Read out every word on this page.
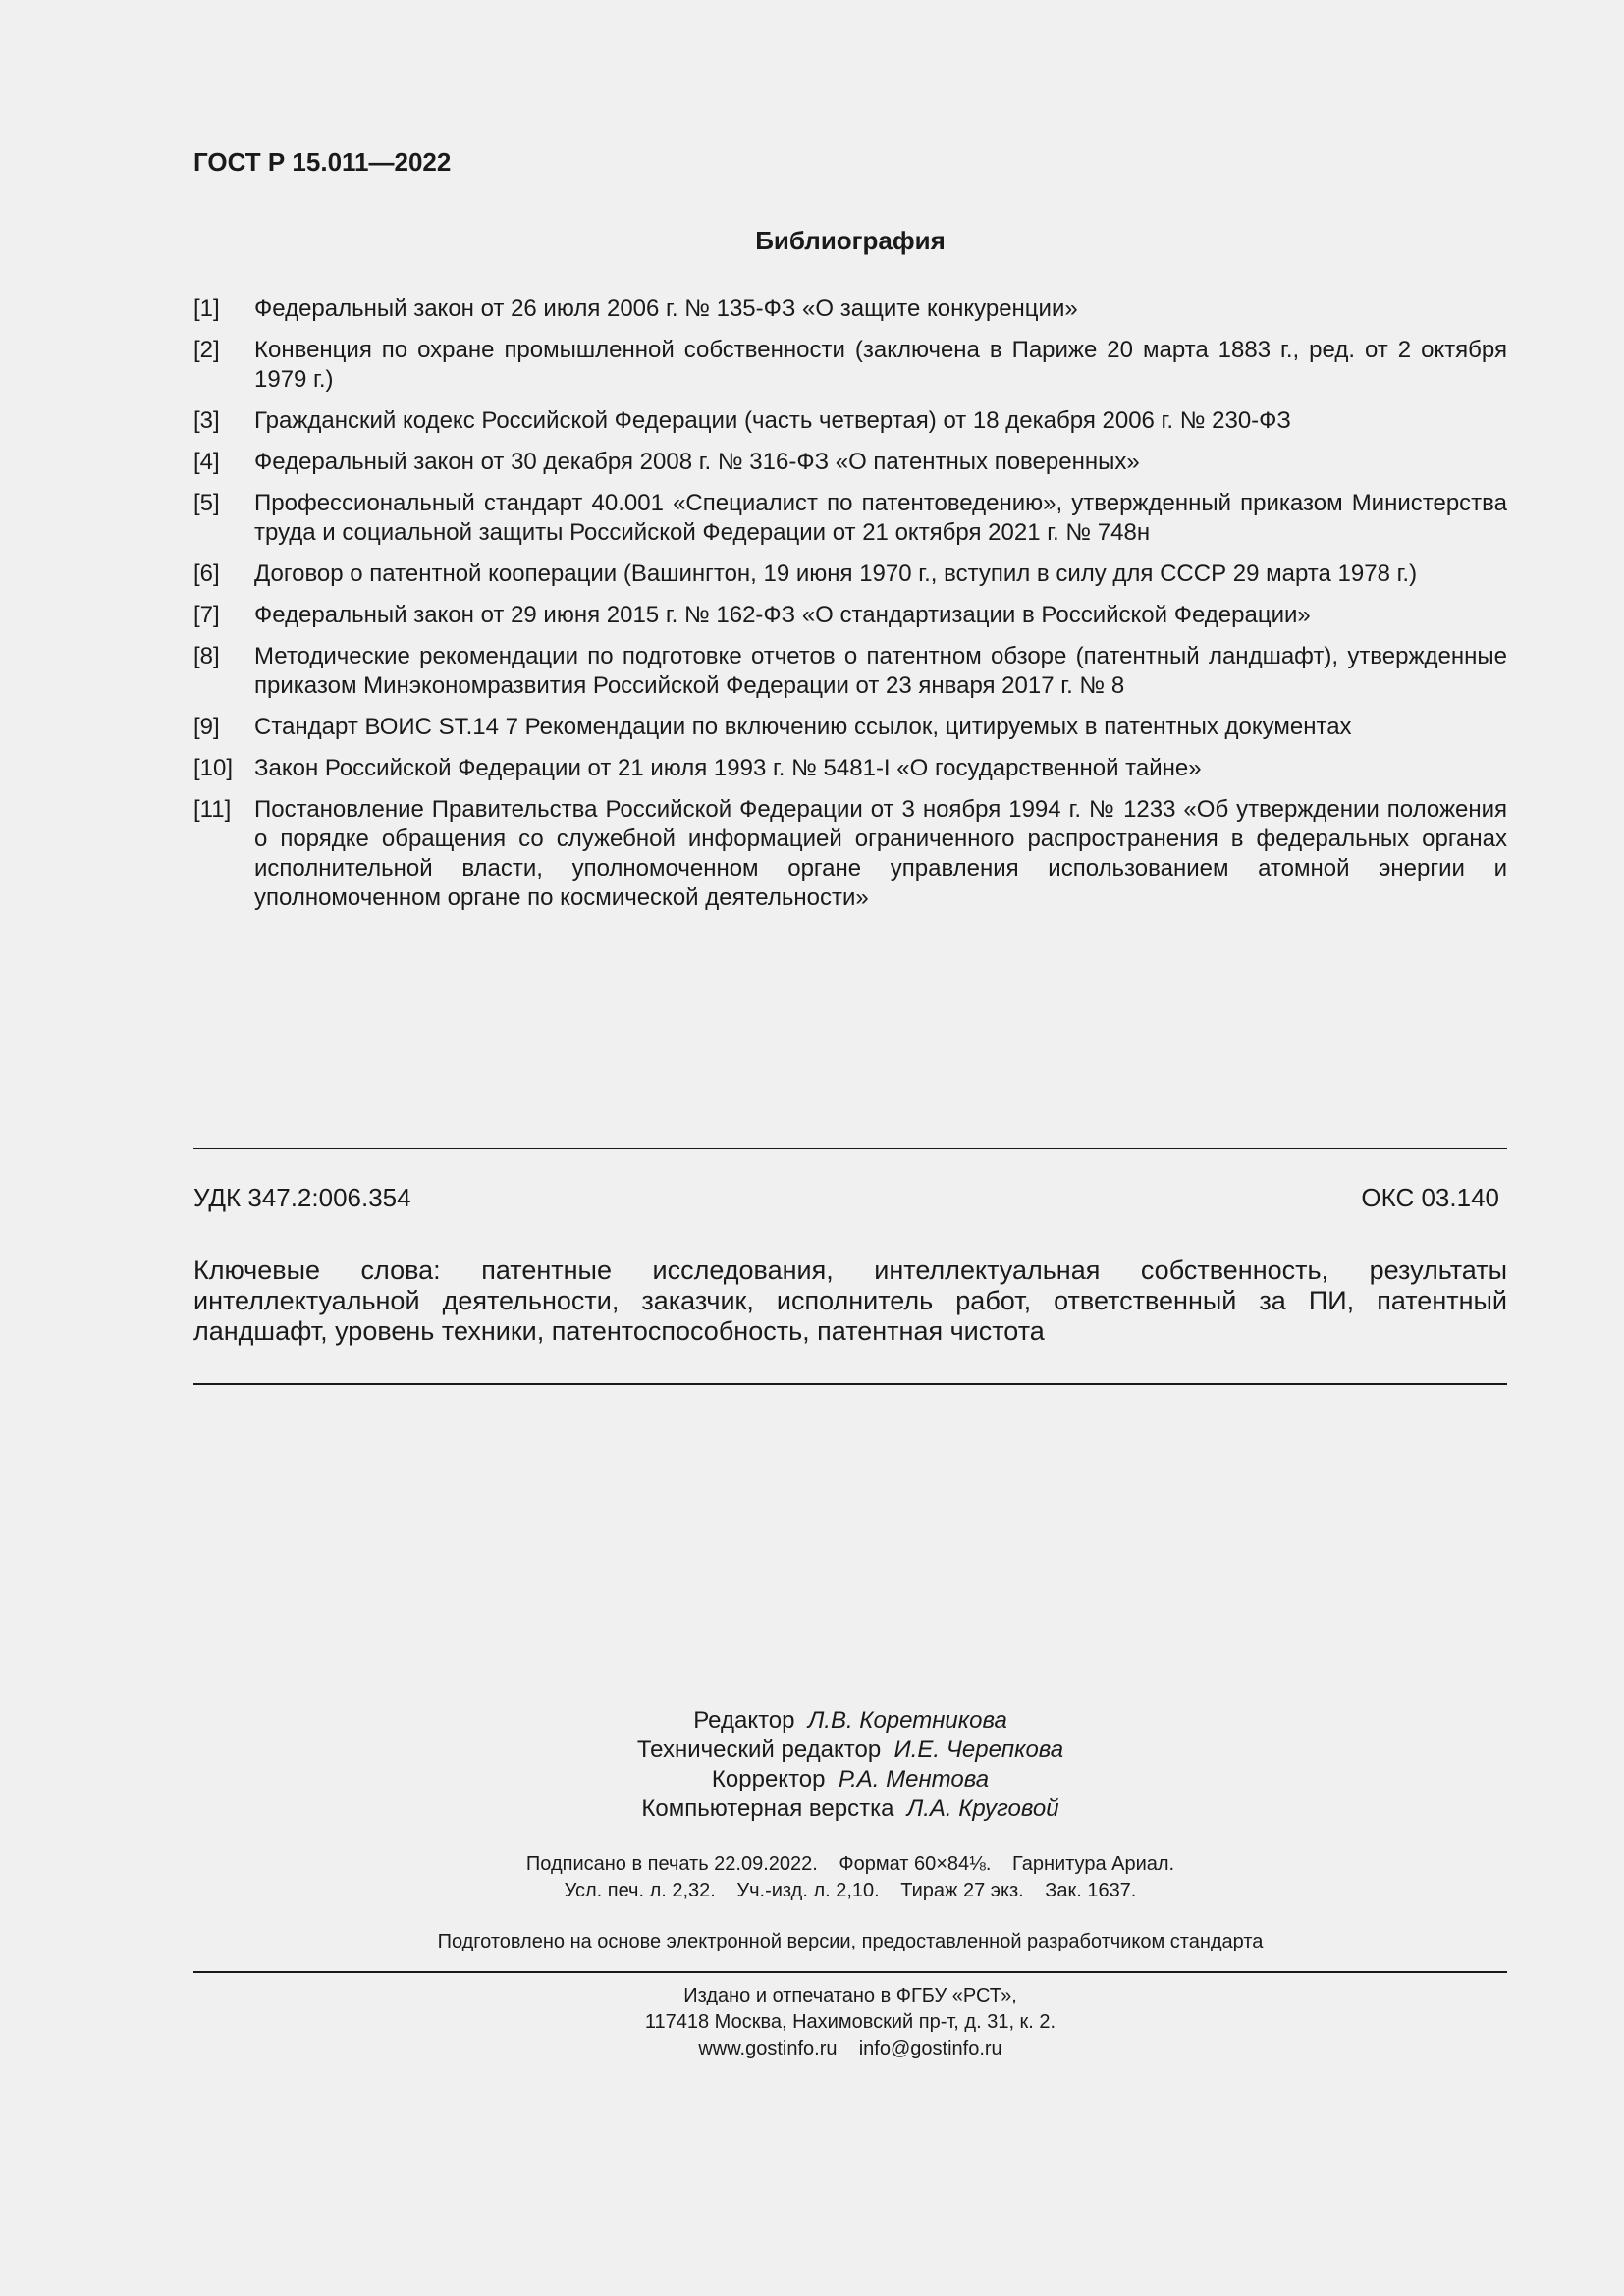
ГОСТ Р 15.011—2022
Библиография
[1]	Федеральный закон от 26 июля 2006 г. № 135-ФЗ «О защите конкуренции»
[2]	Конвенция по охране промышленной собственности (заключена в Париже 20 марта 1883 г., ред. от 2 октября 1979 г.)
[3]	Гражданский кодекс Российской Федерации (часть четвертая) от 18 декабря 2006 г. № 230-ФЗ
[4]	Федеральный закон от 30 декабря 2008 г. № 316-ФЗ «О патентных поверенных»
[5]	Профессиональный стандарт 40.001 «Специалист по патентоведению», утвержденный приказом Министерства труда и социальной защиты Российской Федерации от 21 октября 2021 г. № 748н
[6]	Договор о патентной кооперации (Вашингтон, 19 июня 1970 г., вступил в силу для СССР 29 марта 1978 г.)
[7]	Федеральный закон от 29 июня 2015 г. № 162-ФЗ «О стандартизации в Российской Федерации»
[8]	Методические рекомендации по подготовке отчетов о патентном обзоре (патентный ландшафт), утвержденные приказом Минэкономразвития Российской Федерации от 23 января 2017 г. № 8
[9]	Стандарт ВОИС ST.14 7 Рекомендации по включению ссылок, цитируемых в патентных документах
[10] Закон Российской Федерации от 21 июля 1993 г. № 5481-I «О государственной тайне»
[11] Постановление Правительства Российской Федерации от 3 ноября 1994 г. № 1233 «Об утверждении положения о порядке обращения со служебной информацией ограниченного распространения в федеральных органах исполнительной власти, уполномоченном органе управления использованием атомной энергии и уполномоченном органе по космической деятельности»
УДК 347.2:006.354	ОКС 03.140
Ключевые слова: патентные исследования, интеллектуальная собственность, результаты интеллектуальной деятельности, заказчик, исполнитель работ, ответственный за ПИ, патентный ландшафт, уровень техники, патентоспособность, патентная чистота
Редактор Л.В. Коретникова
Технический редактор И.Е. Черепкова
Корректор Р.А. Ментова
Компьютерная верстка Л.А. Круговой
Подписано в печать 22.09.2022. Формат 60×84⅛. Гарнитура Ариал.
Усл. печ. л. 2,32. Уч.-изд. л. 2,10. Тираж 27 экз. Зак. 1637.
Подготовлено на основе электронной версии, предоставленной разработчиком стандарта
Издано и отпечатано в ФГБУ «РСТ»,
117418 Москва, Нахимовский пр-т, д. 31, к. 2.
www.gostinfo.ru info@gostinfo.ru
